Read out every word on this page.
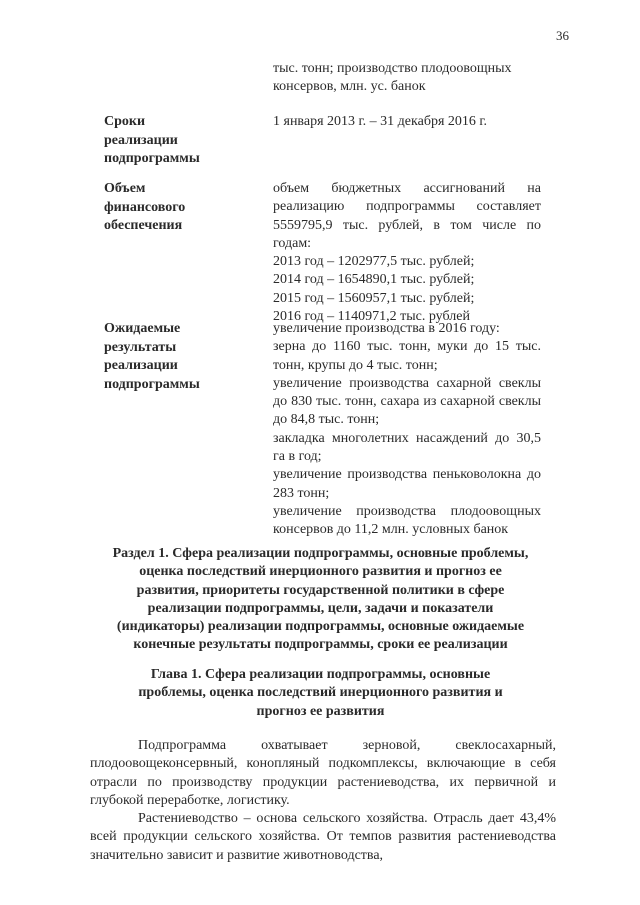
36
тыс. тонн; производство плодоовощных
консервов, млн. ус. банок
Сроки реализации подпрограммы
1 января 2013 г. – 31 декабря 2016 г.
Объем финансового обеспечения
объем бюджетных ассигнований на реализацию подпрограммы составляет 5559795,9 тыс. рублей, в том числе по годам:
2013 год – 1202977,5 тыс. рублей;
2014 год – 1654890,1 тыс. рублей;
2015 год – 1560957,1 тыс. рублей;
2016 год – 1140971,2 тыс. рублей
Ожидаемые результаты реализации подпрограммы
увеличение производства в 2016 году:
зерна до 1160 тыс. тонн, муки до 15 тыс. тонн, крупы до 4 тыс. тонн;
увеличение производства сахарной свеклы до 830 тыс. тонн, сахара из сахарной свеклы до 84,8 тыс. тонн;
закладка многолетних насаждений до 30,5 га в год;
увеличение производства пеньковолокна до 283 тонн;
увеличение производства плодоовощных консервов до 11,2 млн. условных банок
Раздел 1. Сфера реализации подпрограммы, основные проблемы, оценка последствий инерционного развития и прогноз ее развития, приоритеты государственной политики в сфере реализации подпрограммы, цели, задачи и показатели (индикаторы) реализации подпрограммы, основные ожидаемые конечные результаты подпрограммы, сроки ее реализации
Глава 1. Сфера реализации подпрограммы, основные проблемы, оценка последствий инерционного развития и прогноз ее развития

Подпрограмма охватывает зерновой, свеклосахарный, плодоовощеконсервный, конопляный подкомплексы, включающие в себя отрасли по производству продукции растениеводства, их первичной и глубокой переработке, логистику.

Растениеводство – основа сельского хозяйства. Отрасль дает 43,4% всей продукции сельского хозяйства. От темпов развития растениеводства значительно зависит и развитие животноводства,
